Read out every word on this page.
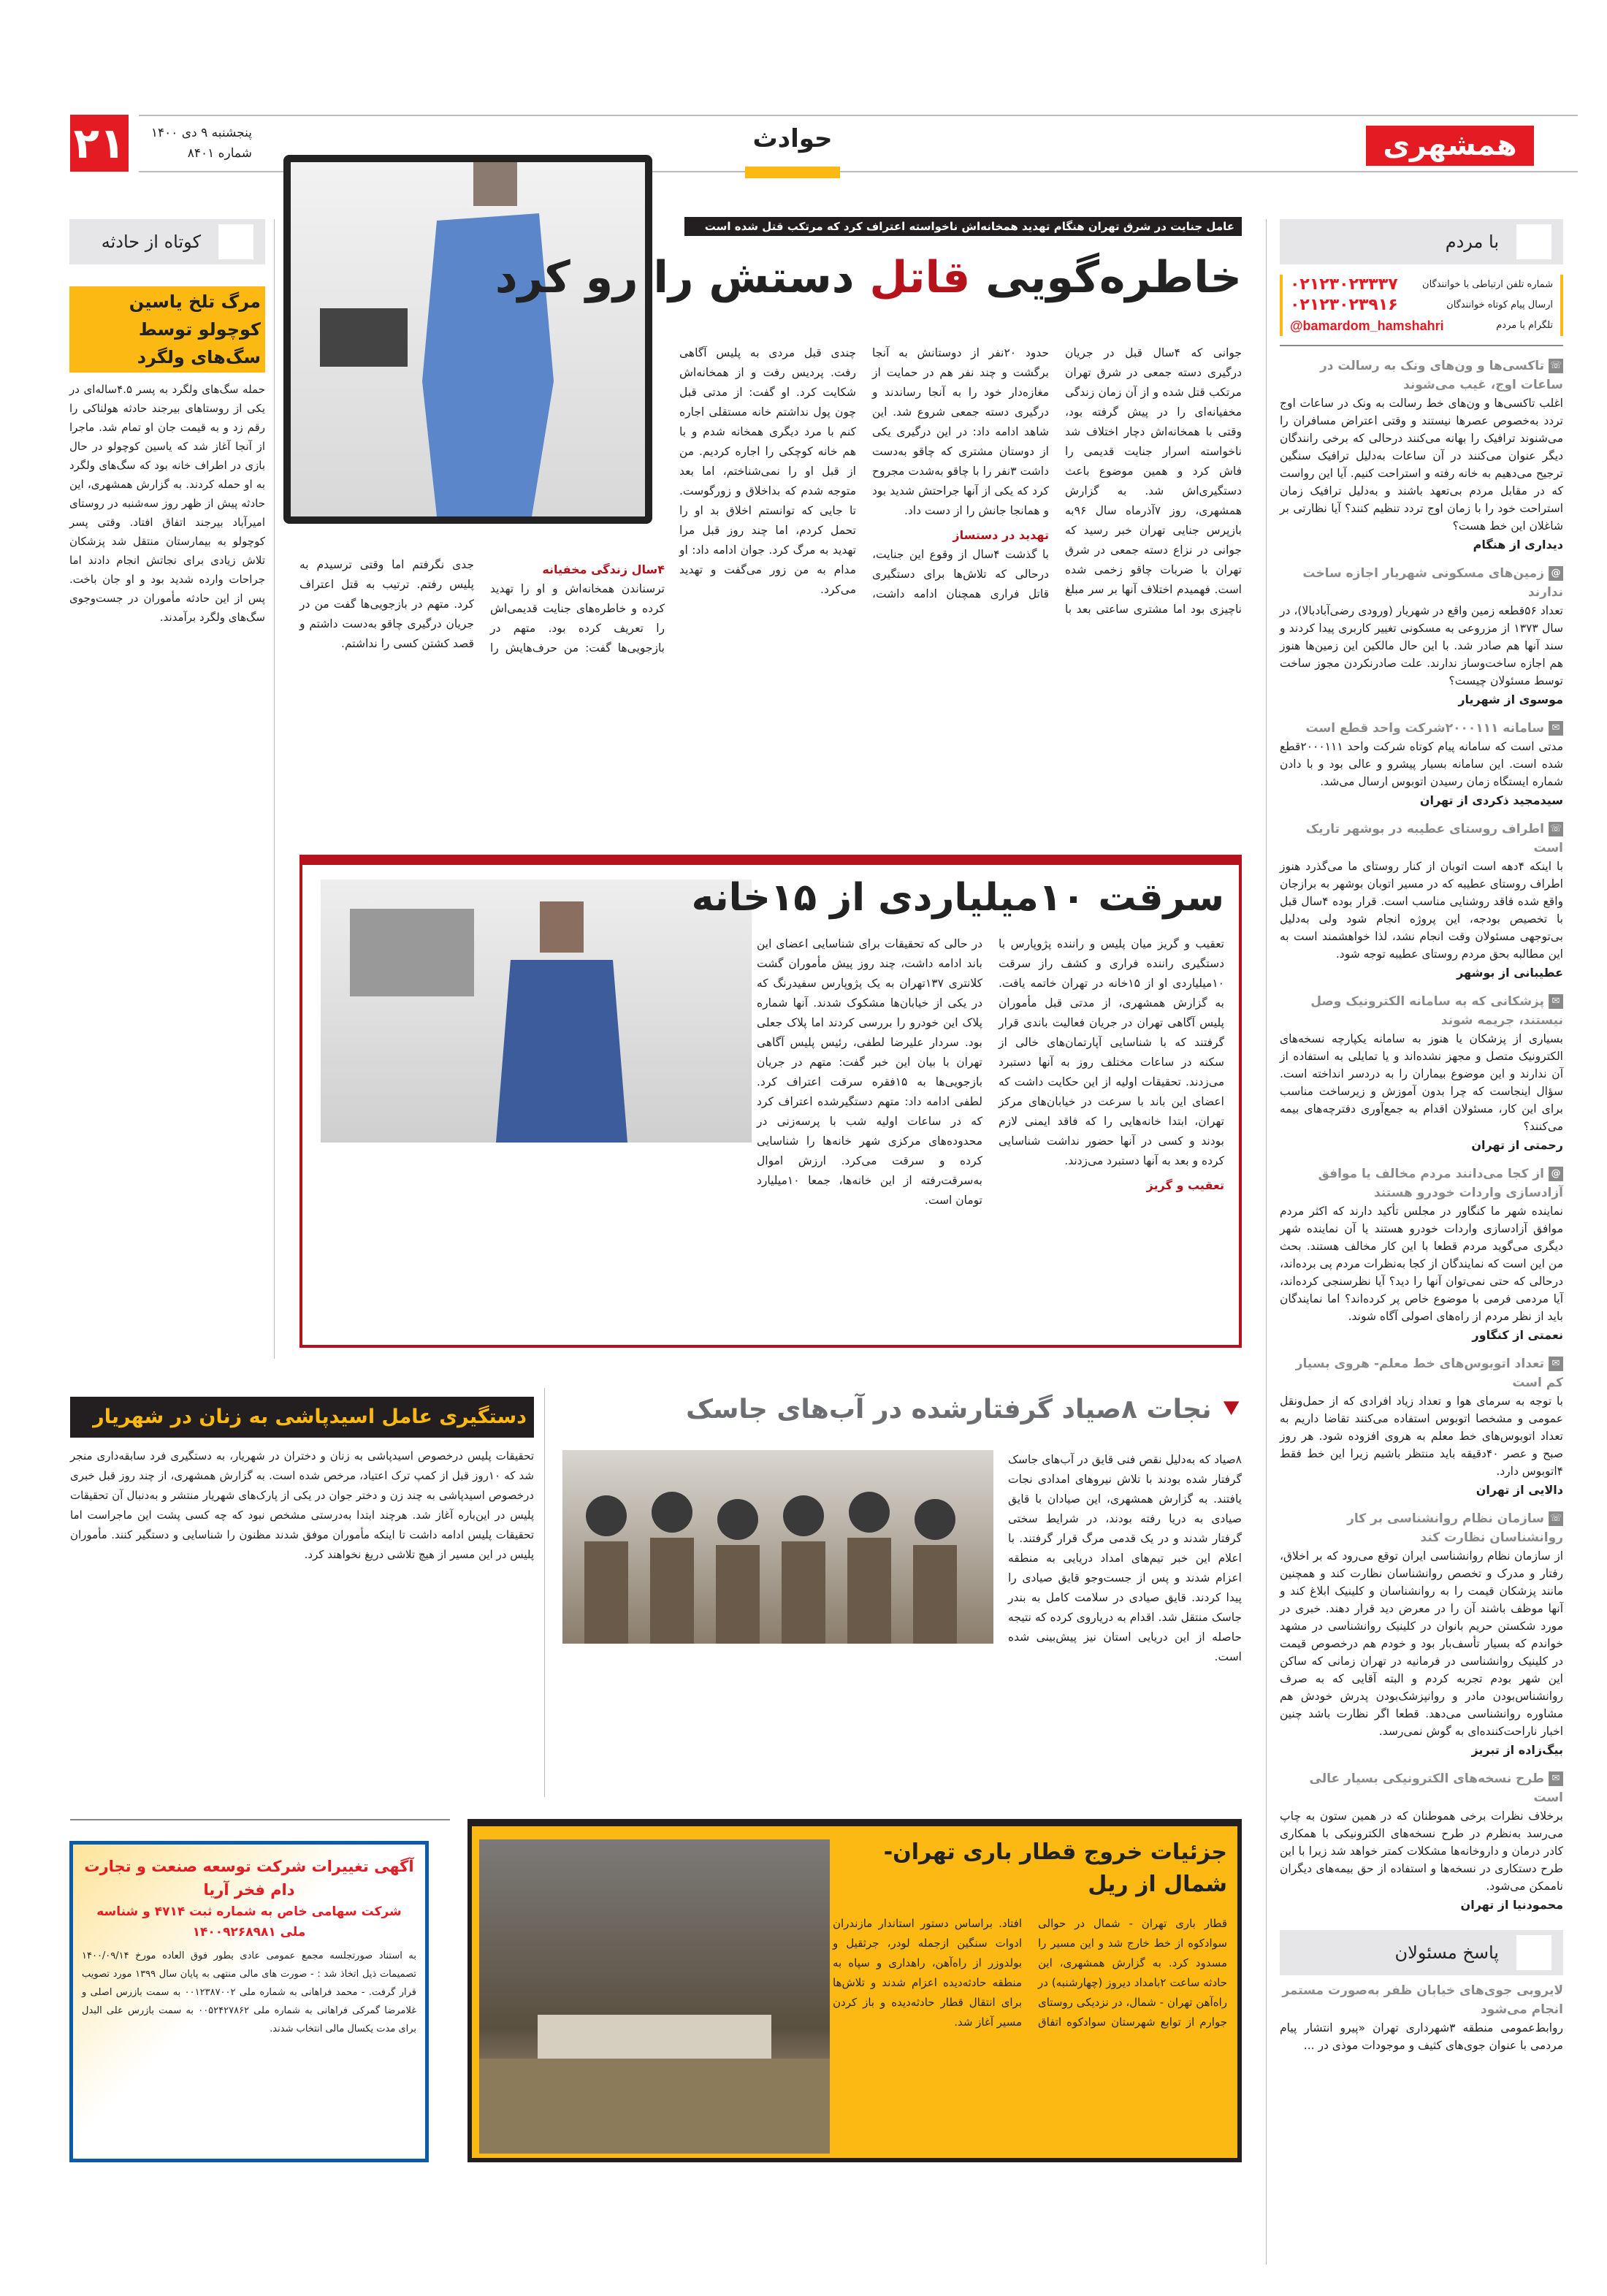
همشهری
حوادث
۲۱	پنجشنبه ۹ دی ۱۴۰۰
شماره ۸۴۰۱
با مردم
شماره تلفن ارتباطی با خوانندگان
۰۲۱۲۳۰۲۳۳۳۷
ارسال پیام کوتاه خوانندگان
۰۲۱۲۳۰۲۳۹۱۶
تلگرام با مردم
@bamardom_hamshahri
☏تاکسی‌ها و ون‌های ونک به رسالت در ساعات اوج، غیب می‌شوند
اغلب تاکسی‌ها و ون‌های خط رسالت به ونک در ساعات اوج تردد به‌خصوص عصرها نیستند و وقتی اعتراض مسافران را می‌شنوند ترافیک را بهانه می‌کنند درحالی که برخی رانندگان دیگر عنوان می‌کنند در آن ساعات به‌دلیل ترافیک سنگین ترجیح می‌دهیم به خانه رفته و استراحت کنیم. آیا این رواست که در مقابل مردم بی‌تعهد باشند و به‌دلیل ترافیک زمان استراحت خود را با زمان اوج تردد تنظیم کنند؟ آیا نظارتی بر شاغلان این خط هست؟
دیداری از هنگام
@زمین‌های مسکونی شهریار اجازه ساخت ندارند
تعداد ۵۶قطعه زمین واقع در شهریار (ورودی رضی‌آبادبالا)، در سال ۱۳۷۳ از مزروعی به مسکونی تغییر کاربری پیدا کردند و سند آنها هم صادر شد. با این حال مالکین این زمین‌ها هنوز هم اجازه ساخت‌وساز ندارند. علت صادرنکردن مجوز ساخت توسط مسئولان چیست؟
موسوی از شهریار
✉سامانه ۲۰۰۰۱۱۱شرکت واحد قطع است
مدتی است که سامانه پیام کوتاه شرکت واحد ۲۰۰۰۱۱۱قطع شده است. این سامانه بسیار پیشرو و عالی بود و با دادن شماره ایستگاه زمان رسیدن اتوبوس ارسال می‌شد.
سیدمجید ذکردی از تهران
☏اطراف روستای عطیبه در بوشهر تاریک است
با اینکه ۴دهه است اتوبان از کنار روستای ما می‌گذرد هنوز اطراف روستای عطیبه که در مسیر اتوبان بوشهر به برازجان واقع شده فاقد روشنایی مناسب است. قرار بوده ۴سال قبل با تخصیص بودجه، این پروژه انجام شود ولی به‌دلیل بی‌توجهی مسئولان وقت انجام نشد، لذا خواهشمند است به این مطالبه بحق مردم روستای عطیبه توجه شود.
عطیبانی از بوشهر
✉پزشکانی که به سامانه الکترونیک وصل نیستند، جریمه شوند
بسیاری از پزشکان یا هنوز به سامانه یکپارچه نسخه‌های الکترونیک متصل و مجهز نشده‌اند و یا تمایلی به استفاده از آن ندارند و این موضوع بیماران را به دردسر انداخته است. سؤال اینجاست که چرا بدون آموزش و زیرساخت مناسب برای این کار، مسئولان اقدام به جمع‌آوری دفترچه‌های بیمه می‌کنند؟
رحمتی از تهران
@از کجا می‌دانند مردم مخالف یا موافق آزادسازی واردات خودرو هستند
نماینده شهر ما کنگاور در مجلس تأکید دارند که اکثر مردم موافق آزادسازی واردات خودرو هستند یا آن نماینده شهر دیگری می‌گوید مردم قطعا با این کار مخالف هستند. بحث من این است که نمایندگان از کجا به‌نظرات مردم پی برده‌اند، درحالی که حتی نمی‌توان آنها را دید؟ آیا نظرسنجی کرده‌اند، آیا مردمی فرمی با موضوع خاص پر کرده‌اند؟ اما نمایندگان باید از نظر مردم از راه‌های اصولی آگاه شوند.
نعمتی از کنگاور
✉تعداد اتوبوس‌های خط معلم- هروی بسیار کم است
با توجه به سرمای هوا و تعداد زیاد افرادی که از حمل‌ونقل عمومی و مشخصا اتوبوس استفاده می‌کنند تقاضا داریم به تعداد اتوبوس‌های خط معلم به هروی افزوده شود. هر روز صبح و عصر ۴۰دقیقه باید منتظر باشیم زیرا این خط فقط ۴اتوبوس دارد.
دالایی از تهران
☏سازمان نظام روانشناسی بر کار روانشناسان نظارت کند
از سازمان نظام روانشناسی ایران توقع می‌رود که بر اخلاق، رفتار و مدرک و تخصص روانشناسان نظارت کند و همچنین مانند پزشکان قیمت را به روانشناسان و کلینیک ابلاغ کند و آنها موظف باشند آن را در معرض دید قرار دهند. خبری در مورد شکستن حریم بانوان در کلینیک روانشناسی در مشهد خواندم که بسیار تأسف‌بار بود و خودم هم درخصوص قیمت در کلینیک روانشناسی در فرمانیه در تهران زمانی که ساکن این شهر بودم تجربه کردم و البته آقایی که به صرف روانشناس‌بودن مادر و روانپزشک‌بودن پدرش خودش هم مشاوره روانشناسی می‌دهد. قطعا اگر نظارت باشد چنین اخبار ناراحت‌کننده‌ای به گوش نمی‌رسد.
بیگ‌زاده از تبریز
✉طرح نسخه‌های الکترونیکی بسیار عالی است
برخلاف نظرات برخی هموطنان که در همین ستون به چاپ می‌رسد به‌نظرم در طرح نسخه‌های الکترونیکی با همکاری کادر درمان و داروخانه‌ها مشکلات کمتر خواهد شد زیرا با این طرح دستکاری در نسخه‌ها و استفاده از حق بیمه‌های دیگران ناممکن می‌شود.
محمودنیا از تهران
پاسخ مسئولان
لایروبی جوی‌های خیابان ظفر به‌صورت مستمر انجام می‌شود
روابط‌عمومی منطقه ۳شهرداری تهران «پیرو انتشار پیام مردمی با عنوان جوی‌های کثیف و موجودات موذی در ...
کوتاه از حادثه
مرگ تلخ یاسین کوچولو توسط سگ‌های ولگرد
حمله سگ‌های ولگرد به پسر ۴.۵ساله‌ای در یکی از روستاهای بیرجند حادثه هولناکی را رقم زد و به قیمت جان او تمام شد. ماجرا از آنجا آغاز شد که یاسین کوچولو در حال بازی در اطراف خانه بود که سگ‌های ولگرد به او حمله کردند. به گزارش همشهری، این حادثه پیش از ظهر روز سه‌شنبه در روستای امیرآباد بیرجند اتفاق افتاد. وقتی پسر کوچولو به بیمارستان منتقل شد پزشکان تلاش زیادی برای نجاتش انجام دادند اما جراحات وارده شدید بود و او جان باخت. پس از این حادثه مأموران در جست‌وجوی سگ‌های ولگرد برآمدند.
عامل جنایت در شرق تهران هنگام تهدید همخانه‌اش ناخواسته اعتراف کرد که مرتکب قتل شده است
خاطره‌گویی قاتل دستش را رو کرد

جوانی که ۴سال قبل در جریان درگیری دسته جمعی در شرق تهران مرتکب قتل شده و از آن زمان زندگی مخفیانه‌ای را در پیش گرفته بود، وقتی با همخانه‌اش دچار اختلاف شد ناخواسته اسرار جنایت قدیمی را فاش کرد و همین موضوع باعث دستگیری‌اش شد. به گزارش همشهری، روز ۷آذرماه سال ۹۶به بازپرس جنایی تهران خبر رسید که جوانی در نزاع دسته جمعی در شرق تهران با ضربات چاقو زخمی شده است. فهمیدم اختلاف آنها بر سر مبلغ ناچیزی بود اما مشتری ساعتی بعد با حدود ۲۰نفر از دوستانش به آنجا برگشت و چند نفر هم در حمایت از مغازه‌دار خود را به آنجا رساندند و درگیری دسته جمعی شروع شد. این شاهد ادامه داد: در این درگیری یکی از دوستان مشتری که چاقو به‌دست داشت ۳نفر را با چاقو به‌شدت مجروح کرد که یکی از آنها جراحتش شدید بود و همانجا جانش را از دست داد.

تهدید در دستساز

با گذشت ۴سال از وقوع این جنایت، درحالی که تلاش‌ها برای دستگیری قاتل فراری همچنان ادامه داشت، چندی قبل مردی به پلیس آگاهی رفت. پردیس رفت و از همخانه‌اش شکایت کرد. او گفت: از مدتی قبل چون پول نداشتم خانه مستقلی اجاره کنم با مرد دیگری همخانه شدم و با هم خانه کوچکی را اجاره کردیم. من از قبل او را نمی‌شناختم، اما بعد متوجه شدم که بداخلاق و زورگوست. تا جایی که توانستم اخلاق بد او را تحمل کردم، اما چند روز قبل مرا تهدید به مرگ کرد. جوان ادامه داد: او مدام به من زور می‌گفت و تهدید می‌کرد.

۴سال زندگی مخفیانه

ترسناندن همخانه‌اش و او را تهدید کرده و خاطره‌های جنایت قدیمی‌اش را تعریف کرده بود. متهم در بازجویی‌ها گفت: من حرف‌هایش را جدی نگرفتم اما وقتی ترسیدم به پلیس رفتم. ترتیب به قتل اعتراف کرد. متهم در بازجویی‌ها گفت من در جریان درگیری چاقو به‌دست داشتم و قصد کشتن کسی را نداشتم.

سرقت ۱۰میلیاردی از ۱۵خانه

تعقیب و گریز میان پلیس و راننده پژوپارس با دستگیری راننده فراری و کشف راز سرقت ۱۰میلیاردی او از ۱۵خانه در تهران خاتمه یافت. به گزارش همشهری، از مدتی قبل مأموران پلیس آگاهی تهران در جریان فعالیت باندی قرار گرفتند که با شناسایی آپارتمان‌های خالی از سکنه در ساعات مختلف روز به آنها دستبرد می‌زدند. تحقیقات اولیه از این حکایت داشت که اعضای این باند با سرعت در خیابان‌های مرکز تهران، ابتدا خانه‌هایی را که فاقد ایمنی لازم بودند و کسی در آنها حضور نداشت شناسایی کرده و بعد به آنها دستبرد می‌زدند.

تعقیب و گریز

در حالی که تحقیقات برای شناسایی اعضای این باند ادامه داشت، چند روز پیش مأموران گشت کلانتری ۱۳۷تهران به یک پژوپارس سفیدرنگ که در یکی از خیابان‌ها مشکوک شدند. آنها شماره پلاک این خودرو را بررسی کردند اما پلاک جعلی بود. سردار علیرضا لطفی، رئیس پلیس آگاهی تهران با بیان این خبر گفت: متهم در جریان بازجویی‌ها به ۱۵فقره سرقت اعتراف کرد. لطفی ادامه داد: متهم دستگیرشده اعتراف کرد که در ساعات اولیه شب با پرسه‌زنی در محدوده‌های مرکزی شهر خانه‌ها را شناسایی کرده و سرقت می‌کرد. ارزش اموال به‌سرقت‌رفته از این خانه‌ها، جمعا ۱۰میلیارد تومان است.

⯆ نجات ۸صیاد گرفتارشده در آب‌های جاسک

۸صیاد که به‌دلیل نقص فنی قایق در آب‌های جاسک گرفتار شده بودند با تلاش نیروهای امدادی نجات یافتند. به گزارش همشهری، این صیادان با قایق صیادی به دریا رفته بودند، در شرایط سختی گرفتار شدند و در یک قدمی مرگ قرار گرفتند. با اعلام این خبر تیم‌های امداد دریایی به منطقه اعزام شدند و پس از جست‌وجو قایق صیادی را پیدا کردند. قایق صیادی در سلامت کامل به بندر جاسک منتقل شد. اقدام به دریاروی کرده که نتیجه حاصله از این دریایی استان نیز پیش‌بینی شده است.

دستگیری عامل اسیدپاشی به زنان در شهریار
تحقیقات پلیس درخصوص اسیدپاشی به زنان و دختران در شهریار، به دستگیری فرد سابقه‌داری منجر شد که ۱۰روز قبل از کمپ ترک اعتیاد، مرخص شده است. به گزارش همشهری، از چند روز قبل خبری درخصوص اسیدپاشی به چند زن و دختر جوان در یکی از پارک‌های شهریار منتشر و به‌دنبال آن تحقیقات پلیس در این‌باره آغاز شد. هرچند ابتدا به‌درستی مشخص نبود که چه کسی پشت این ماجراست اما تحقیقات پلیس ادامه داشت تا اینکه مأموران موفق شدند مظنون را شناسایی و دستگیر کنند. مأموران پلیس در این مسیر از هیچ تلاشی دریغ نخواهند کرد.
آگهی تغییرات شرکت توسعه صنعت و تجارت دام فخر آریا
شرکت سهامی خاص به شماره ثبت ۴۷۱۴ و شناسه ملی ۱۴۰۰۹۲۶۸۹۸۱
به استناد صورتجلسه مجمع عمومی عادی بطور فوق العاده مورخ ۱۴۰۰/۰۹/۱۴ تصمیمات ذیل اتخاذ شد : - صورت های مالی منتهی به پایان سال ۱۳۹۹ مورد تصویب قرار گرفت. - محمد فراهانی به شماره ملی ۰۰۱۲۳۸۷۰۰۲ به سمت بازرس اصلی و غلامرضا گمرکی فراهانی به شماره ملی ۰۰۵۲۴۲۷۸۶۲ به سمت بازرس علی البدل برای مدت یکسال مالی انتخاب شدند.
جزئیات خروج قطار باری تهران-شمال از ریل
قطار باری تهران - شمال در حوالی سوادکوه از خط خارج شد و این مسیر را مسدود کرد. به گزارش همشهری، این حادثه ساعت ۲بامداد دیروز (چهارشنبه) در راه‌آهن تهران - شمال، در نزدیکی روستای جوارم از توابع شهرستان سوادکوه اتفاق افتاد. براساس دستور استاندار مازندران ادوات سنگین ازجمله لودر، جرثقیل و بولدوزر از راه‌آهن، راهداری و سپاه به منطقه حادثه‌دیده اعزام شدند و تلاش‌ها برای انتقال قطار حادثه‌دیده و باز کردن مسیر آغاز شد.
